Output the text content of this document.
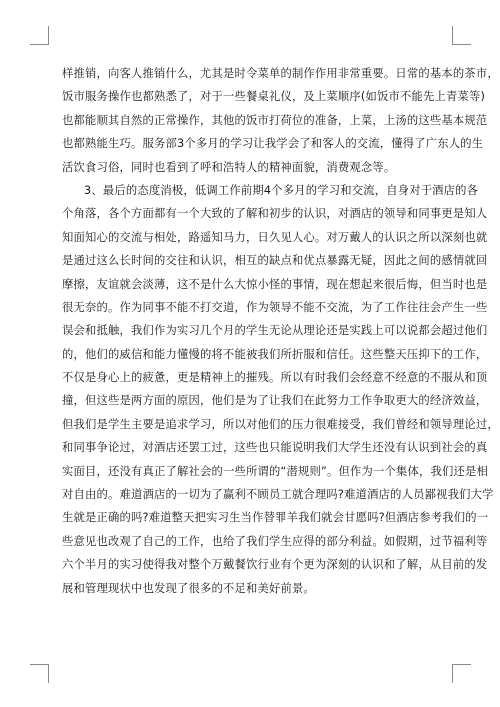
样推销，向客人推销什么，尤其是时令菜单的制作作用非常重要。日常的基本的茶市，
饭市服务操作也都熟悉了，对于一些餐桌礼仪，及上菜顺序(如饭市不能先上青菜等)
也都能顺其自然的正常操作，其他的饭市打荷位的准备，上菜，上汤的这些基本规范
也都熟能生巧。服务部3个多月的学习让我学会了和客人的交流，懂得了广东人的生
活饮食习俗，同时也看到了呼和浩特人的精神面貌，消费观念等。
3、最后的态度消极，低调工作前期4个多月的学习和交流，自身对于酒店的各
个角落，各个方面都有一个大致的了解和初步的认识，对酒店的领导和同事更是知人
知面知心的交流与相处，路遥知马力，日久见人心。对万戴人的认识之所以深刻也就
是通过这么长时间的交往和认识，相互的缺点和优点暴露无疑，因此之间的感情就回
摩擦，友谊就会淡薄，这不是什么大惊小怪的事情，现在想起来很后悔，但当时也是
很无奈的。作为同事不能不打交道，作为领导不能不交流，为了工作往往会产生一些
误会和抵触，我们作为实习几个月的学生无论从理论还是实践上可以说都会超过他们
的，他们的威信和能力懂慢的将不能被我们所折服和信任。这些整天压抑下的工作，
不仅是身心上的疲惫，更是精神上的摧残。所以有时我们会经意不经意的不服从和顶
撞，但这些是两方面的原因，他们是为了让我们在此努力工作争取更大的经济效益，
但我们是学生主要是追求学习，所以对他们的压力很难接受，我们曾经和领导理论过，
和同事争论过，对酒店还罢工过，这些也只能说明我们大学生还没有认识到社会的真
实面目，还没有真正了解社会的一些所谓的“潜规则”。但作为一个集体，我们还是相
对自由的。难道酒店的一切为了赢利不顾员工就合理吗?难道酒店的人员鄙视我们大学
生就是正确的吗?难道整天把实习生当作替罪羊我们就会甘愿吗?但酒店参考我们的一
些意见也改观了自己的工作，也给了我们学生应得的部分利益。如假期，过节福利等
六个半月的实习使得我对整个万戴餐饮行业有个更为深刻的认识和了解，从目前的发
展和管理现状中也发现了很多的不足和美好前景。
